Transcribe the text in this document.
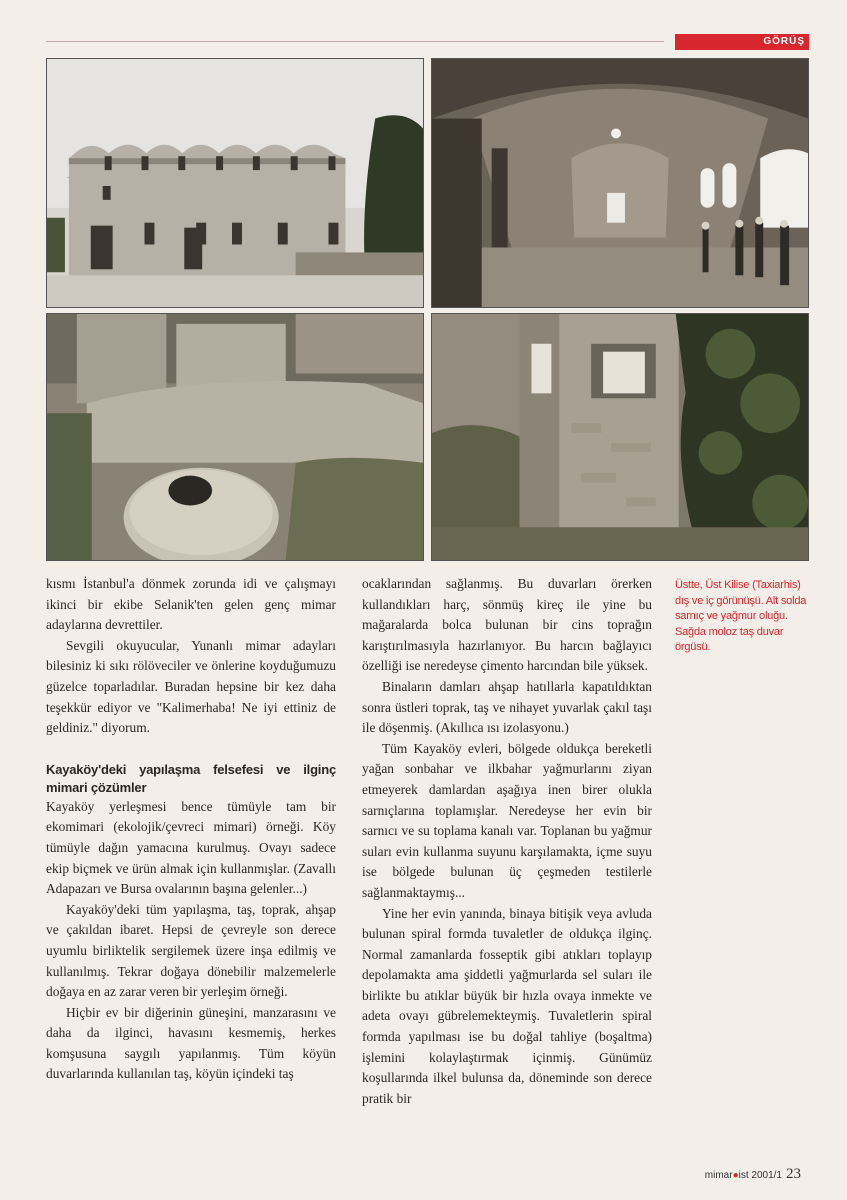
GÖRÜŞ

kısmı İstanbul'a dönmek zorunda idi ve çalışmayı ikinci bir ekibe Selanik'ten gelen genç mimar adaylarına devrettiler.

Sevgili okuyucular, Yunanlı mimar adayları bilesiniz ki sıkı rölöveciler ve önlerine koyduğumuzu güzelce toparladılar. Buradan hepsine bir kez daha teşekkür ediyor ve "Kalimerhaba! Ne iyi ettiniz de geldiniz." diyorum.

Kayaköy'deki yapılaşma felsefesi ve ilginç mimari çözümler

Kayaköy yerleşmesi bence tümüyle tam bir ekomimari (ekolojik/çevreci mimari) örneği. Köy tümüyle dağın yamacına kurulmuş. Ovayı sadece ekip biçmek ve ürün almak için kullanmışlar. (Zavallı Adapazarı ve Bursa ovalarının başına gelenler...)

Kayaköy'deki tüm yapılaşma, taş, toprak, ahşap ve çakıldan ibaret. Hepsi de çevreyle son derece uyumlu birliktelik sergilemek üzere inşa edilmiş ve kullanılmış. Tekrar doğaya dönebilir malzemelerle doğaya en az zarar veren bir yerleşim örneği.

Hiçbir ev bir diğerinin güneşini, manzarasını ve daha da ilginci, havasını kesmemiş, herkes komşusuna saygılı yapılanmış. Tüm köyün duvarlarında kullanılan taş, köyün içindeki taş

ocaklarından sağlanmış. Bu duvarları örerken kullandıkları harç, sönmüş kireç ile yine bu mağaralarda bolca bulunan bir cins toprağın karıştırılmasıyla hazırlanıyor. Bu harcın bağlayıcı özelliği ise neredeyse çimento harcından bile yüksek.

Binaların damları ahşap hatıllarla kapatıldıktan sonra üstleri toprak, taş ve nihayet yuvarlak çakıl taşı ile döşenmiş. (Akıllıca ısı izolasyonu.)

Tüm Kayaköy evleri, bölgede oldukça bereketli yağan sonbahar ve ilkbahar yağmurlarını ziyan etmeyerek damlardan aşağıya inen birer olukla sarnıçlarına toplamışlar. Neredeyse her evin bir sarnıcı ve su toplama kanalı var. Toplanan bu yağmur suları evin kullanma suyunu karşılamakta, içme suyu ise bölgede bulunan üç çeşmeden testilerle sağlanmaktaymış...

Yine her evin yanında, binaya bitişik veya avluda bulunan spiral formda tuvaletler de oldukça ilginç. Normal zamanlarda fosseptik gibi atıkları toplayıp depolamakta ama şiddetli yağmurlarda sel suları ile birlikte bu atıklar büyük bir hızla ovaya inmekte ve adeta ovayı gübrelemekteymiş. Tuvaletlerin spiral formda yapılması ise bu doğal tahliye (boşaltma) işlemini kolaylaştırmak içinmiş. Günümüz koşullarında ilkel bulunsa da, döneminde son derece pratik bir

Üstte, Üst Kilise (Taxiarhis) dış ve iç görünüşü. Alt solda sarnıç ve yağmur oluğu. Sağda moloz taş duvar örgüsü.
mimar●ist 2001/1 23
